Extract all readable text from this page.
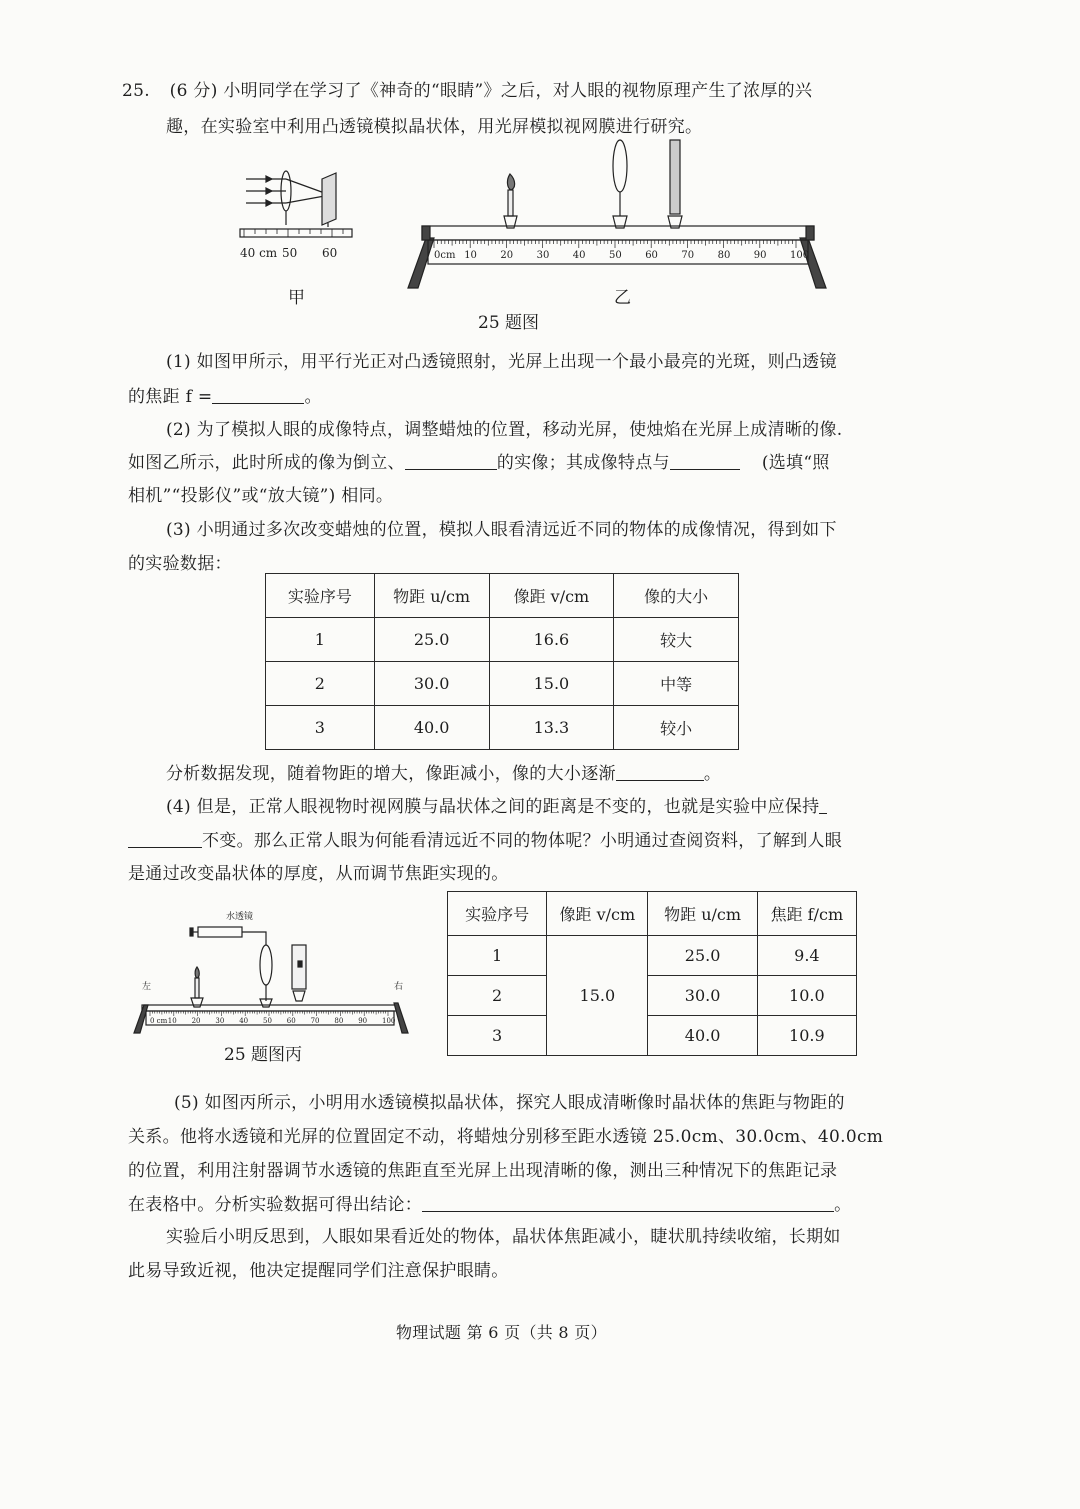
25. (6 分) 小明同学在学习了《神奇的“眼睛”》之后，对人眼的视物原理产生了浓厚的兴
趣，在实验室中利用凸透镜模拟晶状体，用光屏模拟视网膜进行研究。
40 cm 50 60
甲
0cm 10 20 30 40 50 60 70 80 90 100
乙
25 题图
(1) 如图甲所示，用平行光正对凸透镜照射，光屏上出现一个最小最亮的光斑，则凸透镜
的焦距 f =	。
(2) 为了模拟人眼的成像特点，调整蜡烛的位置，移动光屏，使烛焰在光屏上成清晰的像.
如图乙所示，此时所成的像为倒立、	的实像；其成像特点与	(选填“照
相机”“投影仪”或“放大镜”) 相同。
(3) 小明通过多次改变蜡烛的位置，模拟人眼看清远近不同的物体的成像情况，得到如下
的实验数据：
实验序号	物距 u/cm	像距 v/cm	像的大小
1	25.0	16.6	较大
2	30.0	15.0	中等
3	40.0	13.3	较小
分析数据发现，随着物距的增大，像距减小，像的大小逐渐	。
(4) 但是，正常人眼视物时视网膜与晶状体之间的距离是不变的，也就是实验中应保持
不变。那么正常人眼为何能看清远近不同的物体呢？小明通过查阅资料，了解到人眼
是通过改变晶状体的厚度，从而调节焦距实现的。
0 cm 10 20 30 40 50 60 70 80 90 100
水透镜
左	右
25 题图丙
实验序号	像距 v/cm	物距 u/cm	焦距 f/cm
1	15.0	25.0	9.4
2		30.0	10.0
3		40.0	10.9
(5) 如图丙所示，小明用水透镜模拟晶状体，探究人眼成清晰像时晶状体的焦距与物距的
关系。他将水透镜和光屏的位置固定不动，将蜡烛分别移至距水透镜 25.0cm、30.0cm、40.0cm
的位置，利用注射器调节水透镜的焦距直至光屏上出现清晰的像，测出三种情况下的焦距记录
在表格中。分析实验数据可得出结论：	。
实验后小明反思到，人眼如果看近处的物体，晶状体焦距减小，睫状肌持续收缩，长期如
此易导致近视，他决定提醒同学们注意保护眼睛。
物理试题 第 6 页（共 8 页）
